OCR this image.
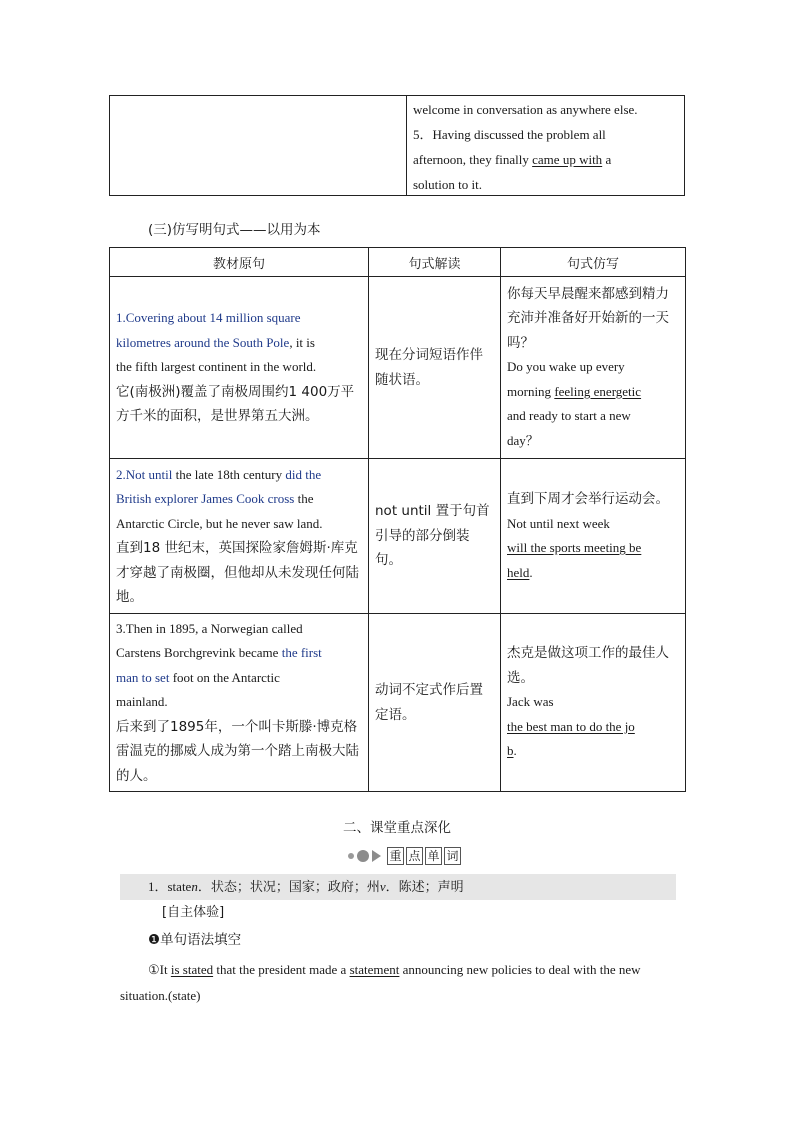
welcome in conversation as anywhere else.
5．Having discussed the problem all
afternoon, they finally came up with a
solution to it.
(三)仿写明句式——以用为本
教材原句	句式解读	句式仿写
1.Covering about 14 million square
kilometres around the South Pole, it is
the fifth largest continent in the world.
它(南极洲)覆盖了南极周围约1 400万平方千米的面积，是世界第五大洲。	现在分词短语作伴随状语。	你每天早晨醒来都感到精力充沛并准备好开始新的一天吗？
Do you wake up every
morning feeling energetic
and ready to start a new
day？
2.Not until the late 18th century did the
British explorer James Cook cross the
Antarctic Circle, but he never saw land.
直到18 世纪末，英国探险家詹姆斯·库克才穿越了南极圈，但他却从未发现任何陆地。	not until 置于句首引导的部分倒装句。	直到下周才会举行运动会。
Not until next week
will the sports meeting be
held.
3.Then in 1895, a Norwegian called
Carstens Borchgrevink became the first
man to set foot on the Antarctic
mainland.
后来到了1895年，一个叫卡斯滕·博克格雷温克的挪威人成为第一个踏上南极大陆的人。	动词不定式作后置定语。	杰克是做这项工作的最佳人选。
Jack was
the best man to do the jo
b.
二、课堂重点深化
重 点 单 词
1．staten．状态；状况；国家；政府；州v．陈述；声明
[自主体验]
❶单句语法填空
①It is stated that the president made a statement announcing new policies to deal with the new situation.(state)
